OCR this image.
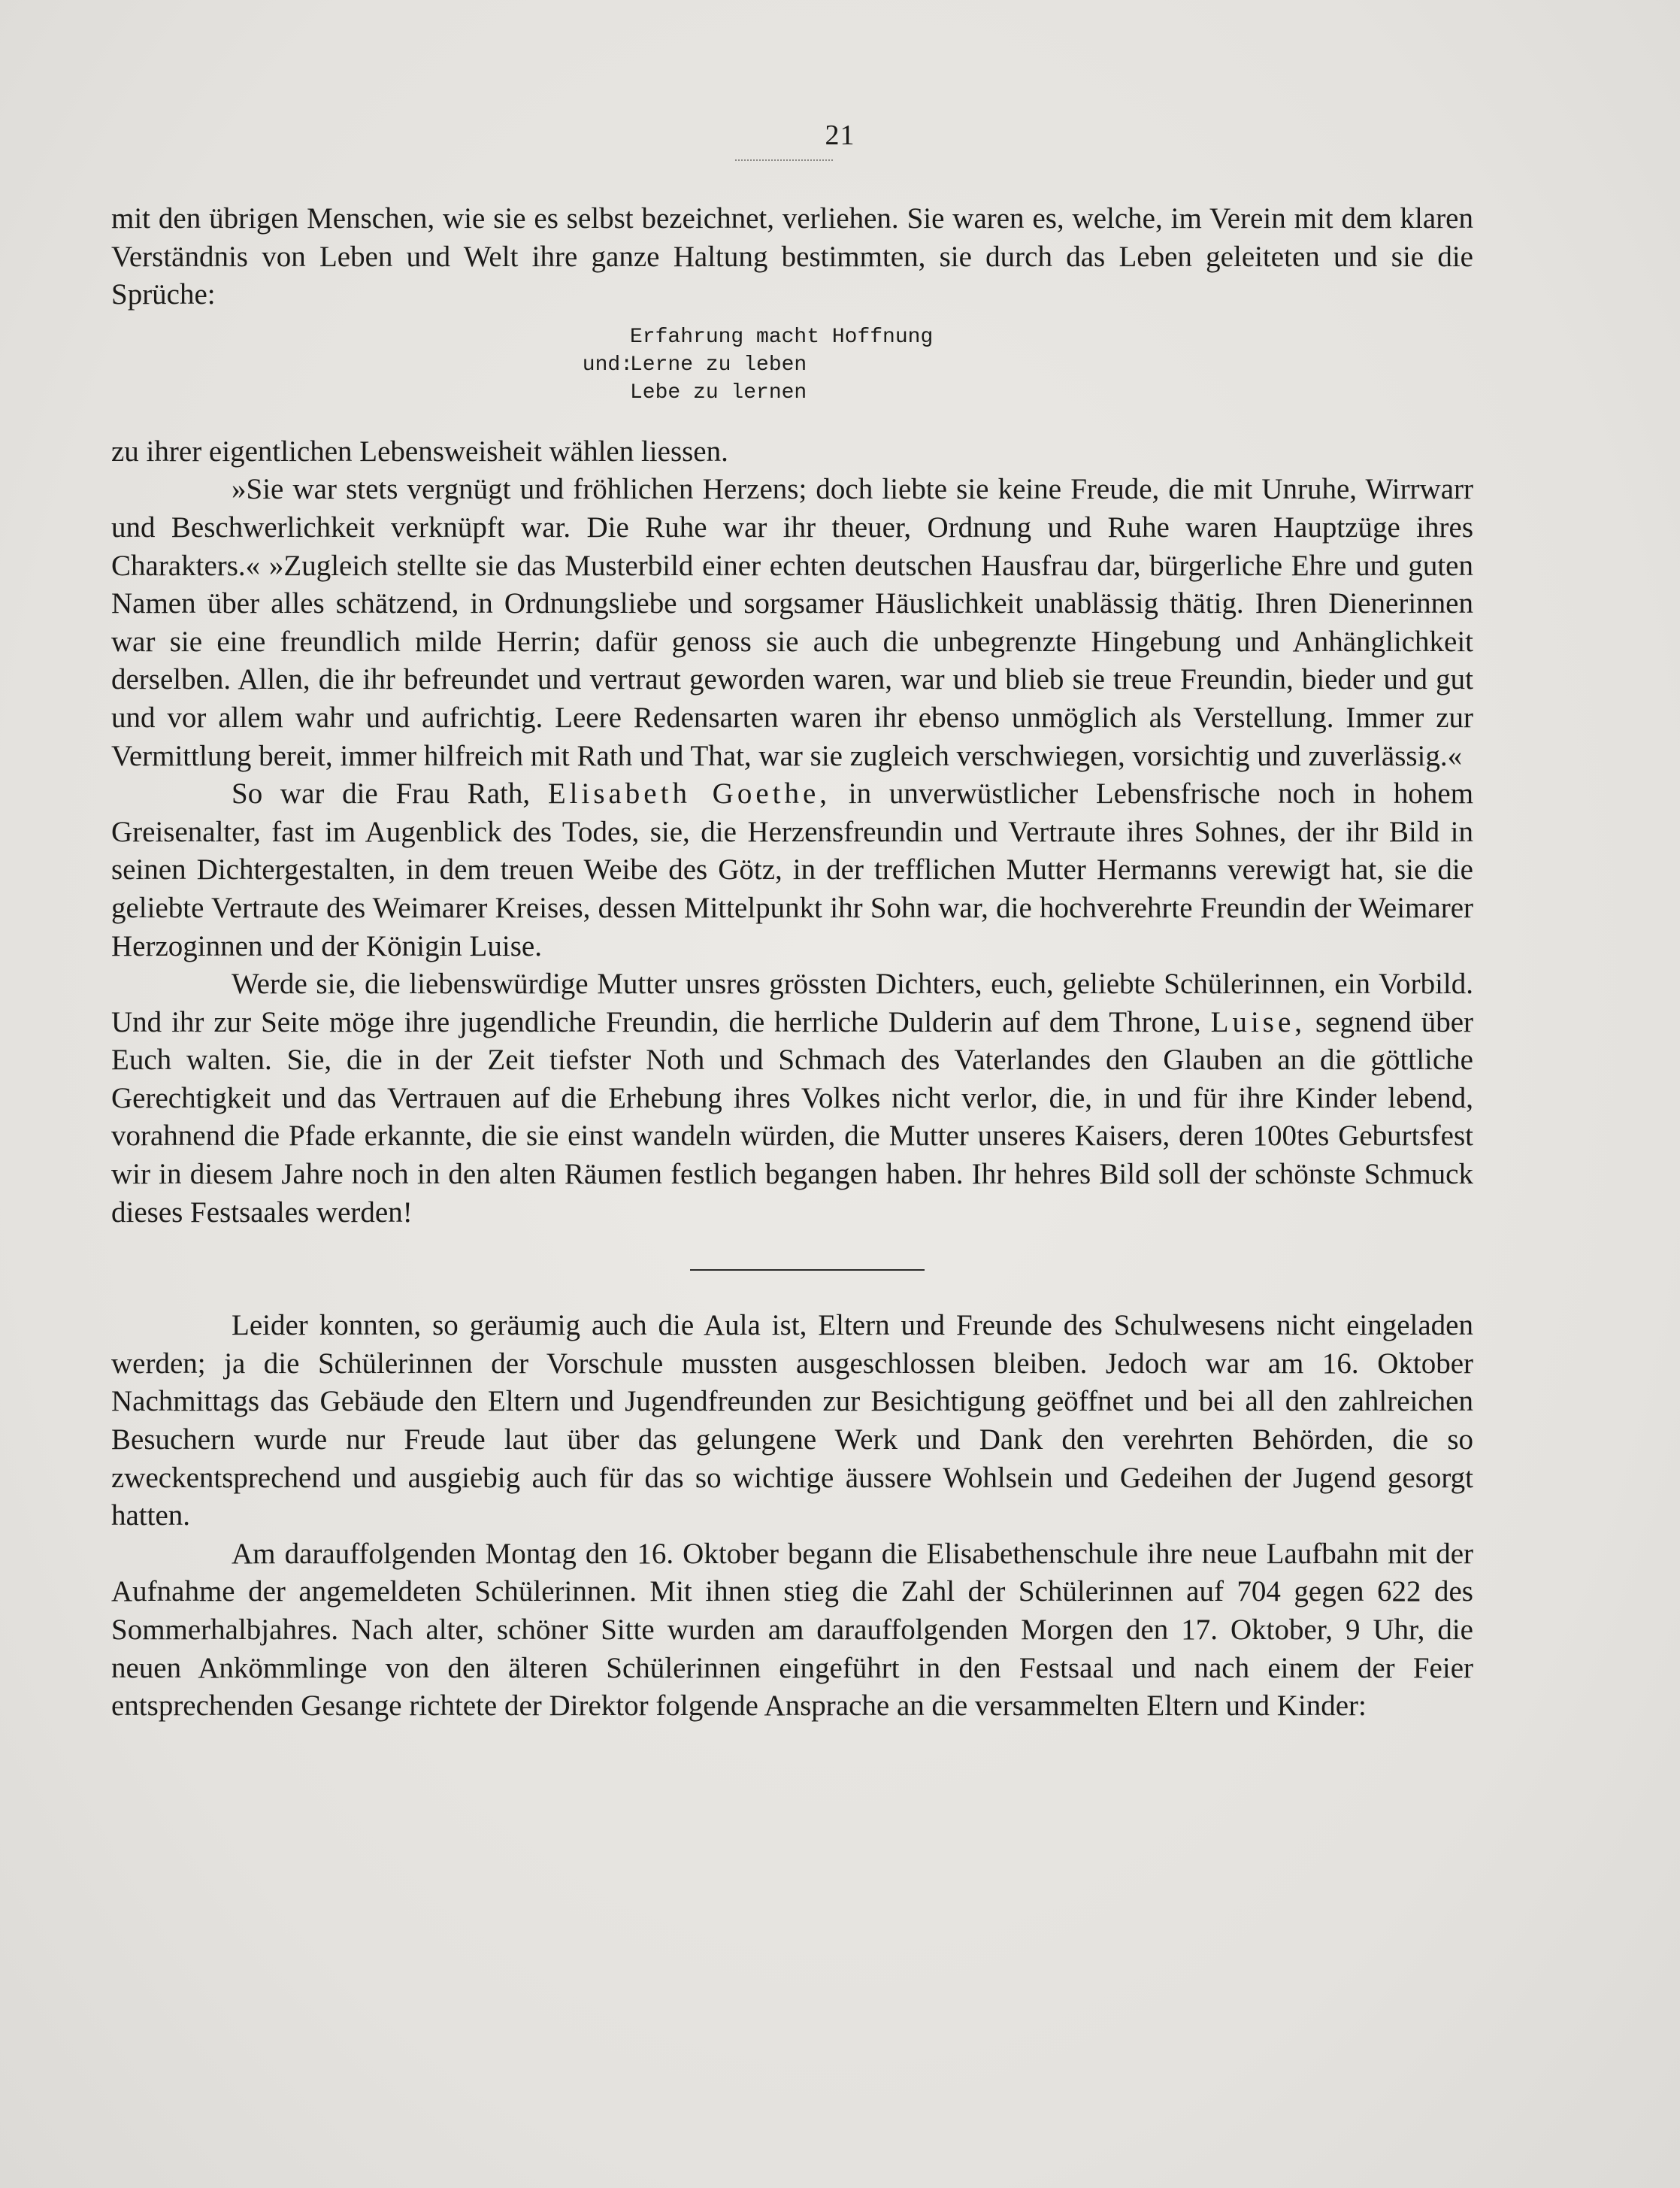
21

mit den übrigen Menschen, wie sie es selbst bezeichnet, verliehen. Sie waren es, welche, im Verein mit dem klaren Verständnis von Leben und Welt ihre ganze Haltung bestimmten, sie durch das Leben geleiteten und sie die Sprüche:

Erfahrung macht Hoffnung
und:
Lerne zu leben
Lebe zu lernen

zu ihrer eigentlichen Lebensweisheit wählen liessen.

»Sie war stets vergnügt und fröhlichen Herzens; doch liebte sie keine Freude, die mit Unruhe, Wirrwarr und Beschwerlichkeit verknüpft war. Die Ruhe war ihr theuer, Ordnung und Ruhe waren Hauptzüge ihres Charakters.« »Zugleich stellte sie das Musterbild einer echten deutschen Hausfrau dar, bürgerliche Ehre und guten Namen über alles schätzend, in Ordnungsliebe und sorgsamer Häuslichkeit unablässig thätig. Ihren Dienerinnen war sie eine freundlich milde Herrin; dafür genoss sie auch die unbegrenzte Hingebung und Anhänglichkeit derselben. Allen, die ihr befreundet und vertraut geworden waren, war und blieb sie treue Freundin, bieder und gut und vor allem wahr und aufrichtig. Leere Redensarten waren ihr ebenso unmöglich als Verstellung. Immer zur Vermittlung bereit, immer hilfreich mit Rath und That, war sie zugleich verschwiegen, vorsichtig und zuverlässig.«

So war die Frau Rath, Elisabeth Goethe, in unverwüstlicher Lebensfrische noch in hohem Greisenalter, fast im Augenblick des Todes, sie, die Herzensfreundin und Vertraute ihres Sohnes, der ihr Bild in seinen Dichtergestalten, in dem treuen Weibe des Götz, in der trefflichen Mutter Hermanns verewigt hat, sie die geliebte Vertraute des Weimarer Kreises, dessen Mittelpunkt ihr Sohn war, die hochverehrte Freundin der Weimarer Herzoginnen und der Königin Luise.

Werde sie, die liebenswürdige Mutter unsres grössten Dichters, euch, geliebte Schülerinnen, ein Vorbild. Und ihr zur Seite möge ihre jugendliche Freundin, die herrliche Dulderin auf dem Throne, Luise, segnend über Euch walten. Sie, die in der Zeit tiefster Noth und Schmach des Vaterlandes den Glauben an die göttliche Gerechtigkeit und das Vertrauen auf die Erhebung ihres Volkes nicht verlor, die, in und für ihre Kinder lebend, vorahnend die Pfade erkannte, die sie einst wandeln würden, die Mutter unseres Kaisers, deren 100tes Geburtsfest wir in diesem Jahre noch in den alten Räumen festlich begangen haben. Ihr hehres Bild soll der schönste Schmuck dieses Festsaales werden!

Leider konnten, so geräumig auch die Aula ist, Eltern und Freunde des Schulwesens nicht eingeladen werden; ja die Schülerinnen der Vorschule mussten ausgeschlossen bleiben. Jedoch war am 16. Oktober Nachmittags das Gebäude den Eltern und Jugendfreunden zur Besichtigung geöffnet und bei all den zahlreichen Besuchern wurde nur Freude laut über das gelungene Werk und Dank den verehrten Behörden, die so zweckentsprechend und ausgiebig auch für das so wichtige äussere Wohlsein und Gedeihen der Jugend gesorgt hatten.

Am darauffolgenden Montag den 16. Oktober begann die Elisabethenschule ihre neue Laufbahn mit der Aufnahme der angemeldeten Schülerinnen. Mit ihnen stieg die Zahl der Schülerinnen auf 704 gegen 622 des Sommerhalbjahres. Nach alter, schöner Sitte wurden am darauffolgenden Morgen den 17. Oktober, 9 Uhr, die neuen Ankömmlinge von den älteren Schülerinnen eingeführt in den Festsaal und nach einem der Feier entsprechenden Gesange richtete der Direktor folgende Ansprache an die versammelten Eltern und Kinder:
